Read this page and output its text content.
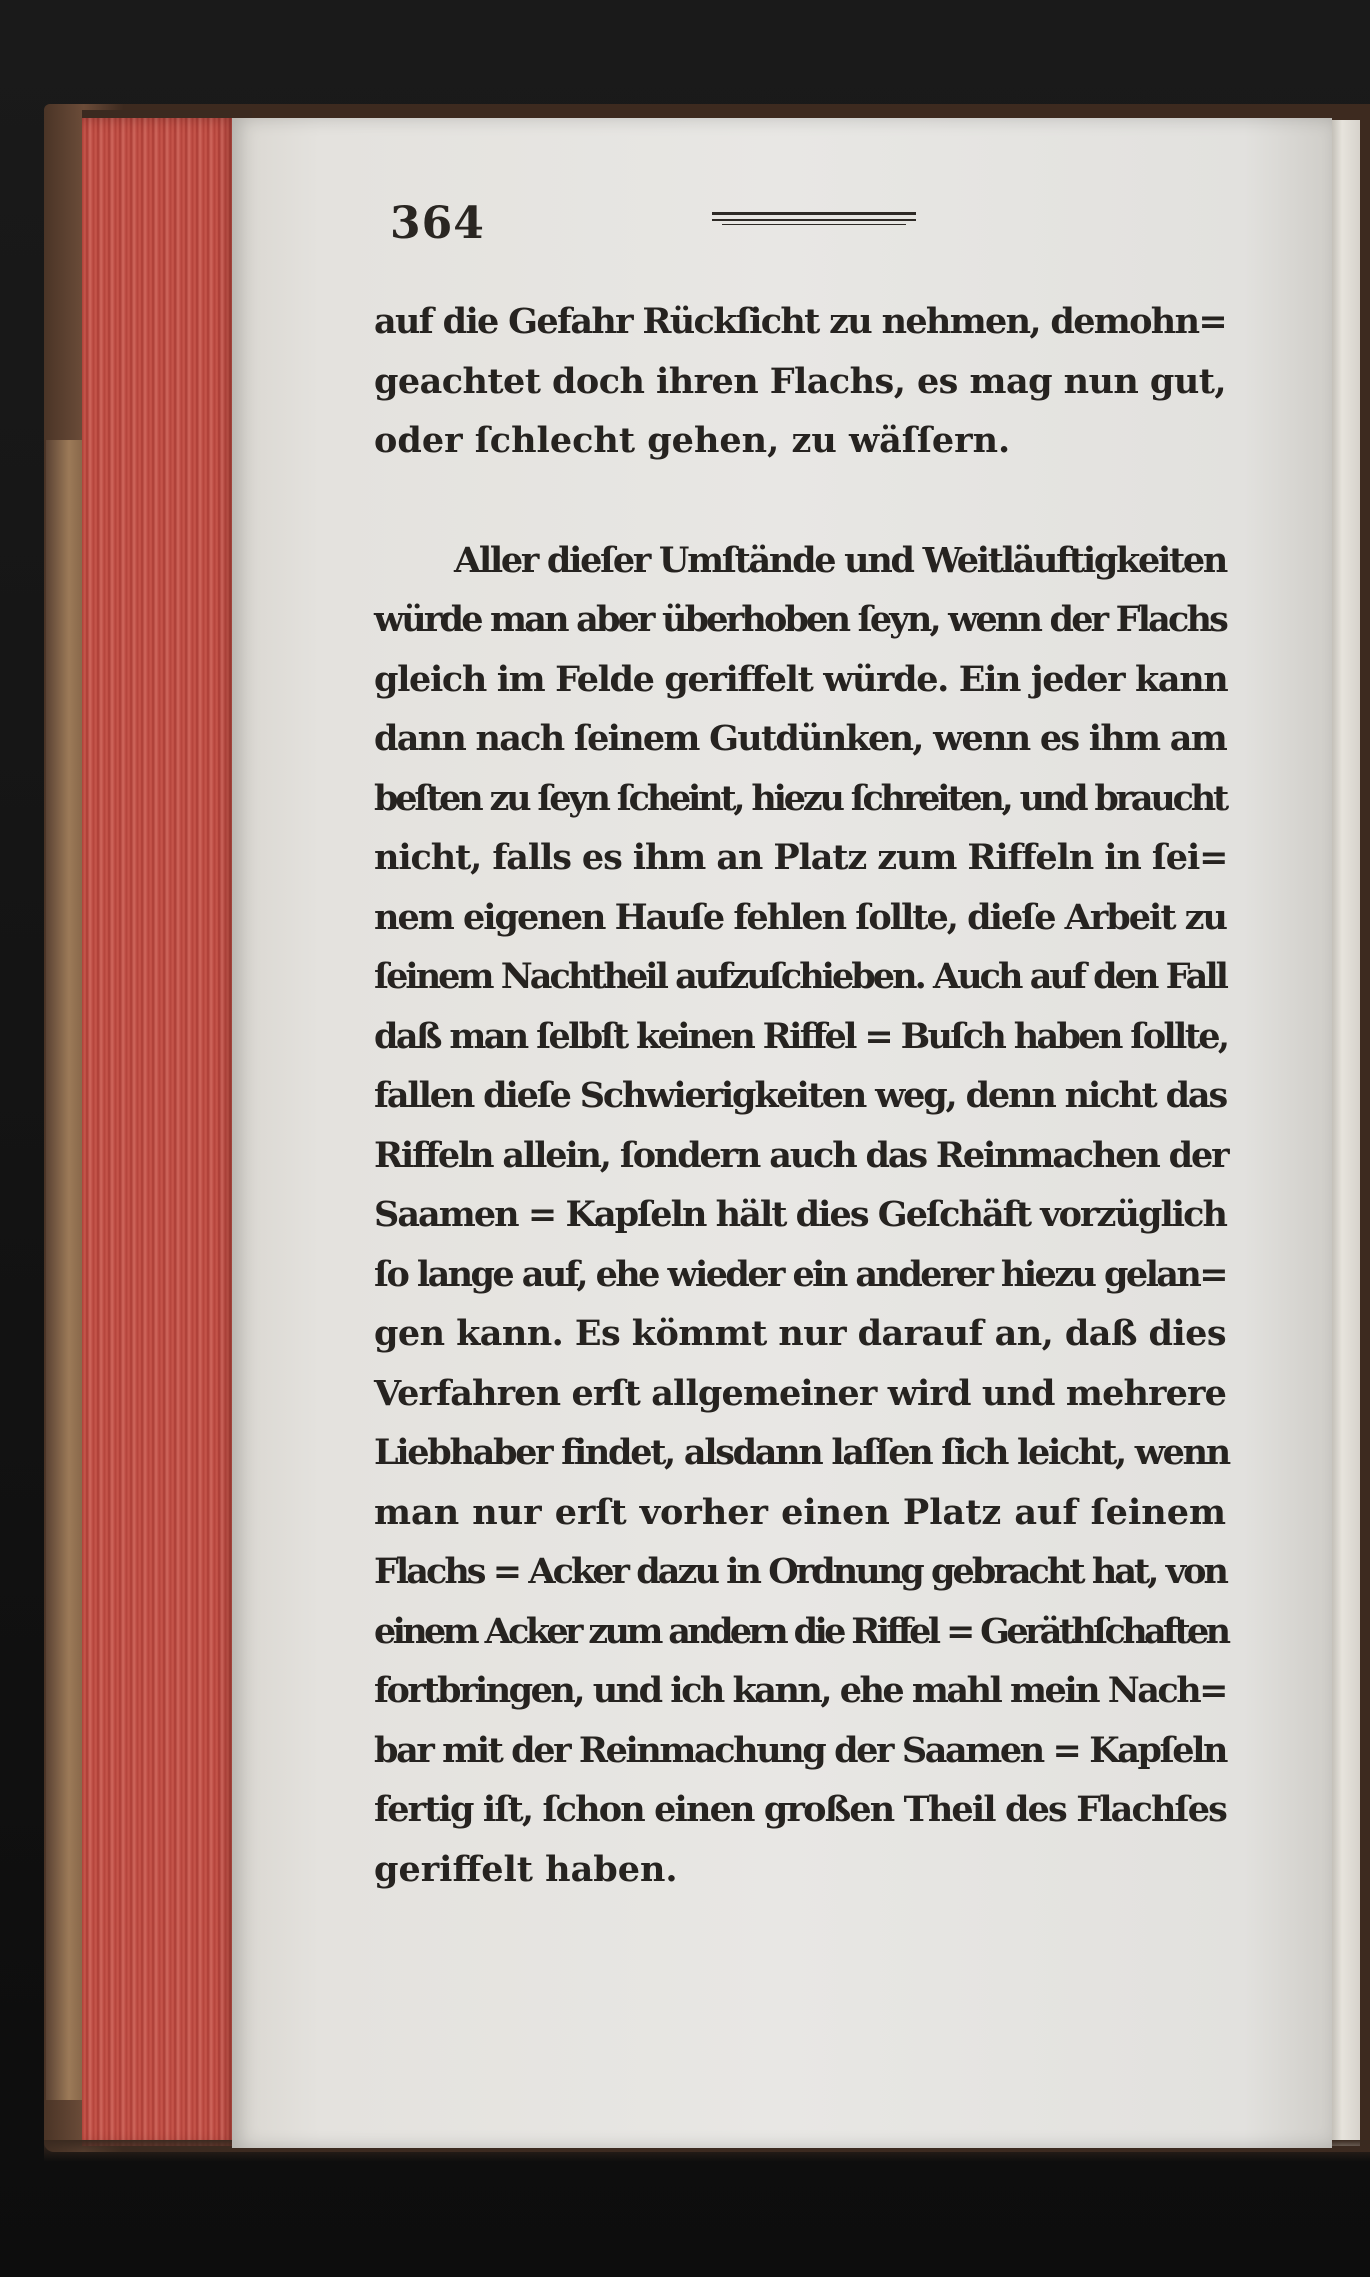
364
auf die Gefahr Rückſicht zu nehmen, demohn=
geachtet doch ihren Flachs, es mag nun gut,
oder ſchlecht gehen, zu wäſſern.
Aller dieſer Umſtände und Weitläuftigkeiten
würde man aber überhoben ſeyn, wenn der Flachs
gleich im Felde geriffelt würde. Ein jeder kann
dann nach ſeinem Gutdünken, wenn es ihm am
beſten zu ſeyn ſcheint, hiezu ſchreiten, und braucht
nicht, falls es ihm an Platz zum Riffeln in ſei=
nem eigenen Hauſe fehlen ſollte, dieſe Arbeit zu
ſeinem Nachtheil aufzuſchieben. Auch auf den Fall
daß man ſelbſt keinen Riffel = Buſch haben ſollte,
fallen dieſe Schwierigkeiten weg, denn nicht das
Riffeln allein, ſondern auch das Reinmachen der
Saamen = Kapſeln hält dies Geſchäft vorzüglich
ſo lange auf, ehe wieder ein anderer hiezu gelan=
gen kann. Es kömmt nur darauf an, daß dies
Verfahren erſt allgemeiner wird und mehrere
Liebhaber findet, alsdann laſſen ſich leicht, wenn
man nur erſt vorher einen Platz auf ſeinem
Flachs = Acker dazu in Ordnung gebracht hat, von
einem Acker zum andern die Riffel = Geräthſchaften
fortbringen, und ich kann, ehe mahl mein Nach=
bar mit der Reinmachung der Saamen = Kapſeln
fertig iſt, ſchon einen großen Theil des Flachſes
geriffelt haben.
